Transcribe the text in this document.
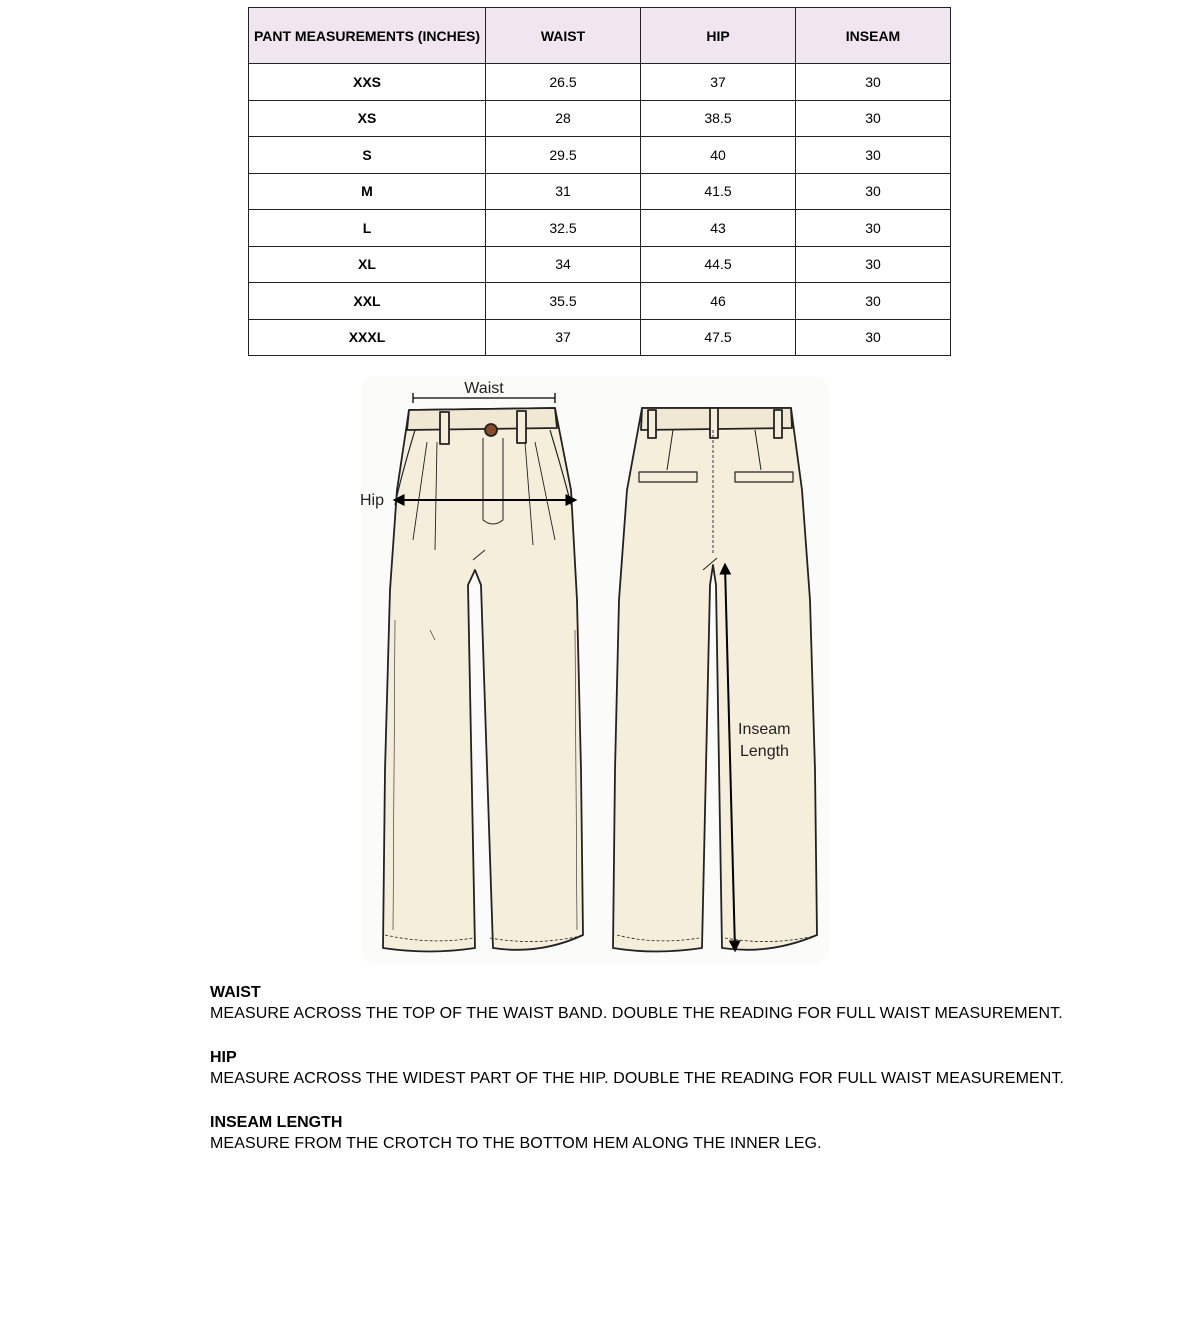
PANT MEASUREMENTS (INCHES)	WAIST	HIP	INSEAM
XXS	26.5	37	30
XS	28	38.5	30
S	29.5	40	30
M	31	41.5	30
L	32.5	43	30
XL	34	44.5	30
XXL	35.5	46	30
XXXL	37	47.5	30
Waist
Hip
Inseam
Length
WAIST
MEASURE ACROSS THE TOP OF THE WAIST BAND. DOUBLE THE READING FOR FULL WAIST MEASUREMENT.
HIP
MEASURE ACROSS THE WIDEST PART OF THE HIP. DOUBLE THE READING FOR FULL WAIST MEASUREMENT.
INSEAM LENGTH
MEASURE FROM THE CROTCH TO THE BOTTOM HEM ALONG THE INNER LEG.
